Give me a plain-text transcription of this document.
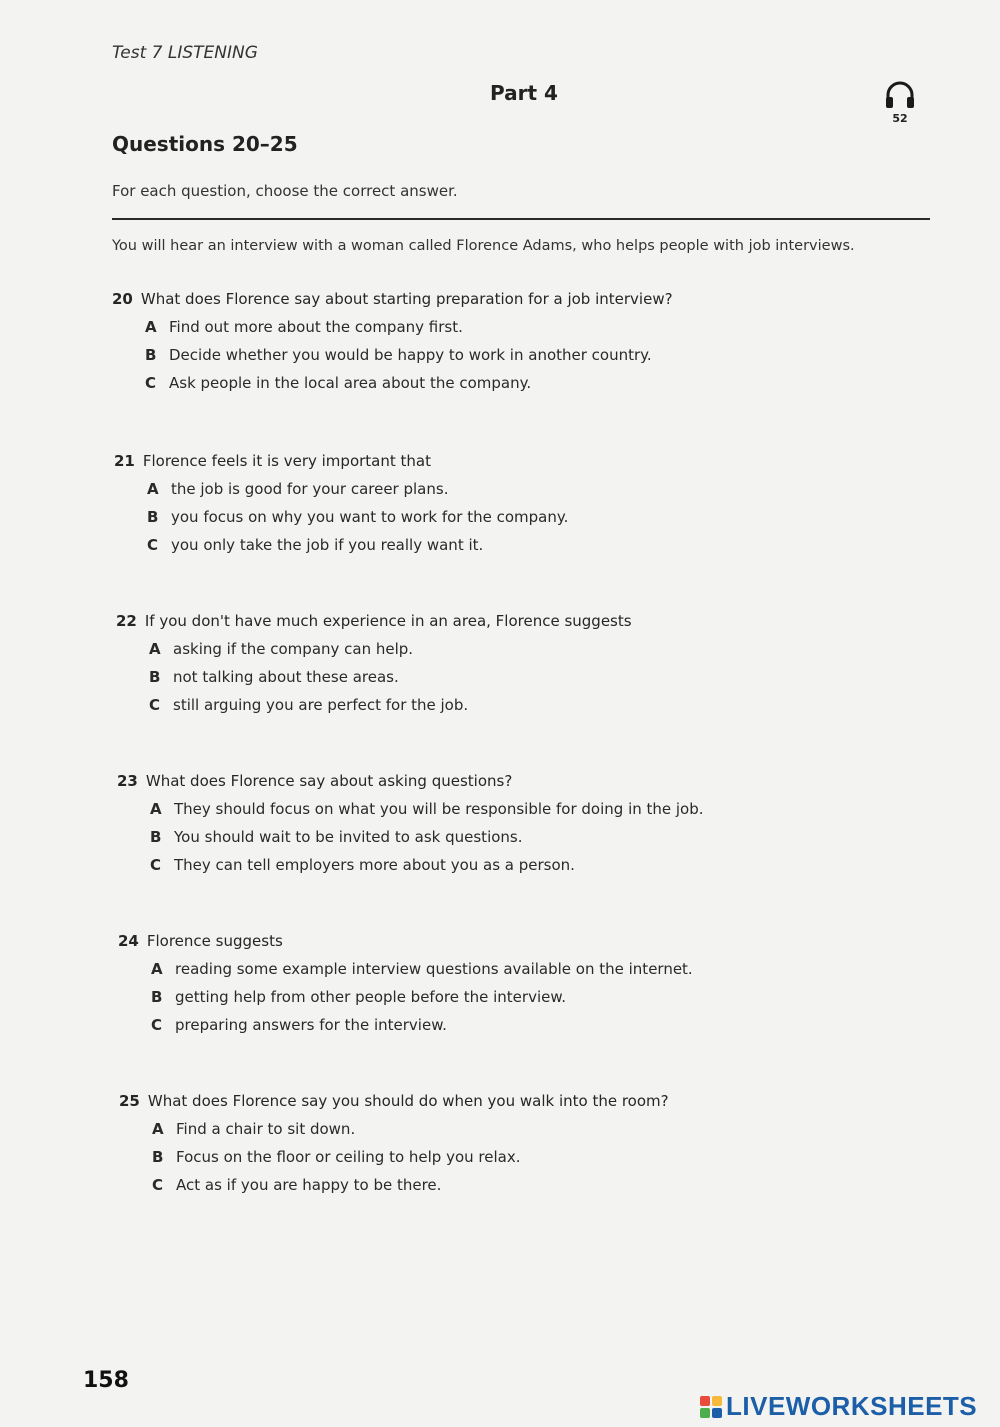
Test 7 LISTENING
Part 4
52
Questions 20–25
For each question, choose the correct answer.
You will hear an interview with a woman called Florence Adams, who helps people with job interviews.
20 What does Florence say about starting preparation for a job interview?
A Find out more about the company first.
B Decide whether you would be happy to work in another country.
C Ask people in the local area about the company.
21 Florence feels it is very important that
A the job is good for your career plans.
B you focus on why you want to work for the company.
C you only take the job if you really want it.
22 If you don't have much experience in an area, Florence suggests
A asking if the company can help.
B not talking about these areas.
C still arguing you are perfect for the job.
23 What does Florence say about asking questions?
A They should focus on what you will be responsible for doing in the job.
B You should wait to be invited to ask questions.
C They can tell employers more about you as a person.
24 Florence suggests
A reading some example interview questions available on the internet.
B getting help from other people before the interview.
C preparing answers for the interview.
25 What does Florence say you should do when you walk into the room?
A Find a chair to sit down.
B Focus on the floor or ceiling to help you relax.
C Act as if you are happy to be there.
158
LIVEWORKSHEETS
